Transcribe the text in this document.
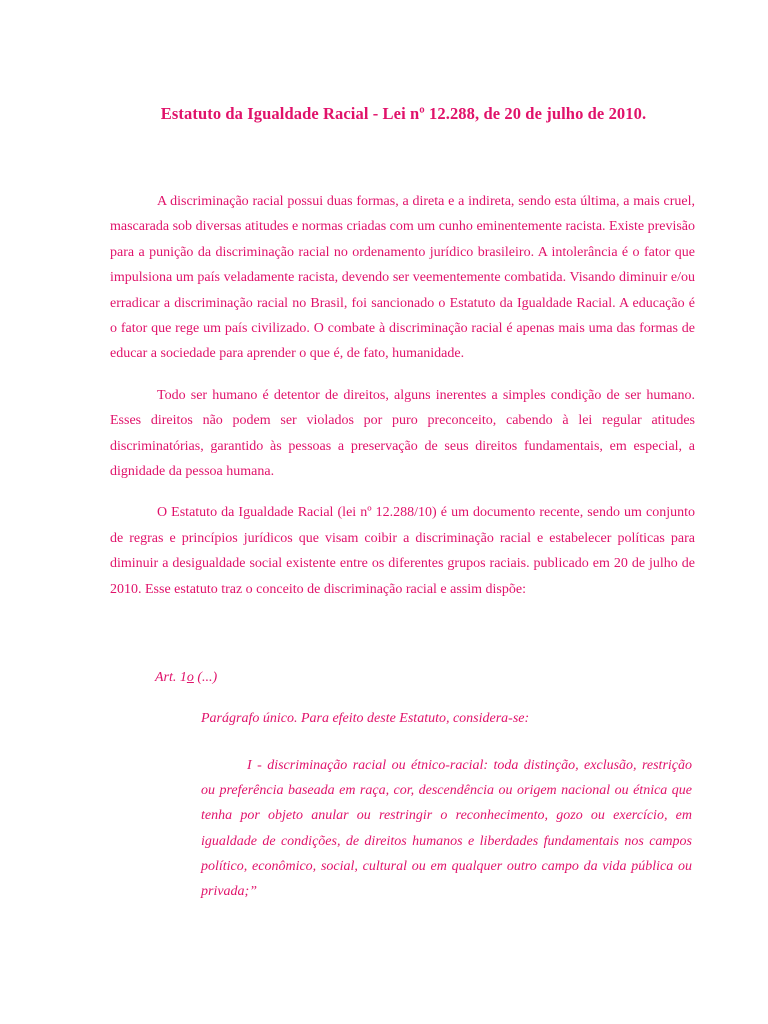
Estatuto da Igualdade Racial - Lei nº 12.288, de 20 de julho de 2010.

A discriminação racial possui duas formas, a direta e a indireta, sendo esta última, a mais cruel, mascarada sob diversas atitudes e normas criadas com um cunho eminentemente racista. Existe previsão para a punição da discriminação racial no ordenamento jurídico brasileiro. A intolerância é o fator que impulsiona um país veladamente racista, devendo ser veementemente combatida. Visando diminuir e/ou erradicar a discriminação racial no Brasil, foi sancionado o Estatuto da Igualdade Racial. A educação é o fator que rege um país civilizado. O combate à discriminação racial é apenas mais uma das formas de educar a sociedade para aprender o que é, de fato, humanidade.

Todo ser humano é detentor de direitos, alguns inerentes a simples condição de ser humano. Esses direitos não podem ser violados por puro preconceito, cabendo à lei regular atitudes discriminatórias, garantido às pessoas a preservação de seus direitos fundamentais, em especial, a dignidade da pessoa humana.

O Estatuto da Igualdade Racial (lei nº 12.288/10) é um documento recente, sendo um conjunto de regras e princípios jurídicos que visam coibir a discriminação racial e estabelecer políticas para diminuir a desigualdade social existente entre os diferentes grupos raciais. publicado em 20 de julho de 2010. Esse estatuto traz o conceito de discriminação racial e assim dispõe:

Art. 1o (...)
Parágrafo único. Para efeito deste Estatuto, considera-se:

I - discriminação racial ou étnico-racial: toda distinção, exclusão, restrição ou preferência baseada em raça, cor, descendência ou origem nacional ou étnica que tenha por objeto anular ou restringir o reconhecimento, gozo ou exercício, em igualdade de condições, de direitos humanos e liberdades fundamentais nos campos político, econômico, social, cultural ou em qualquer outro campo da vida pública ou privada;”
